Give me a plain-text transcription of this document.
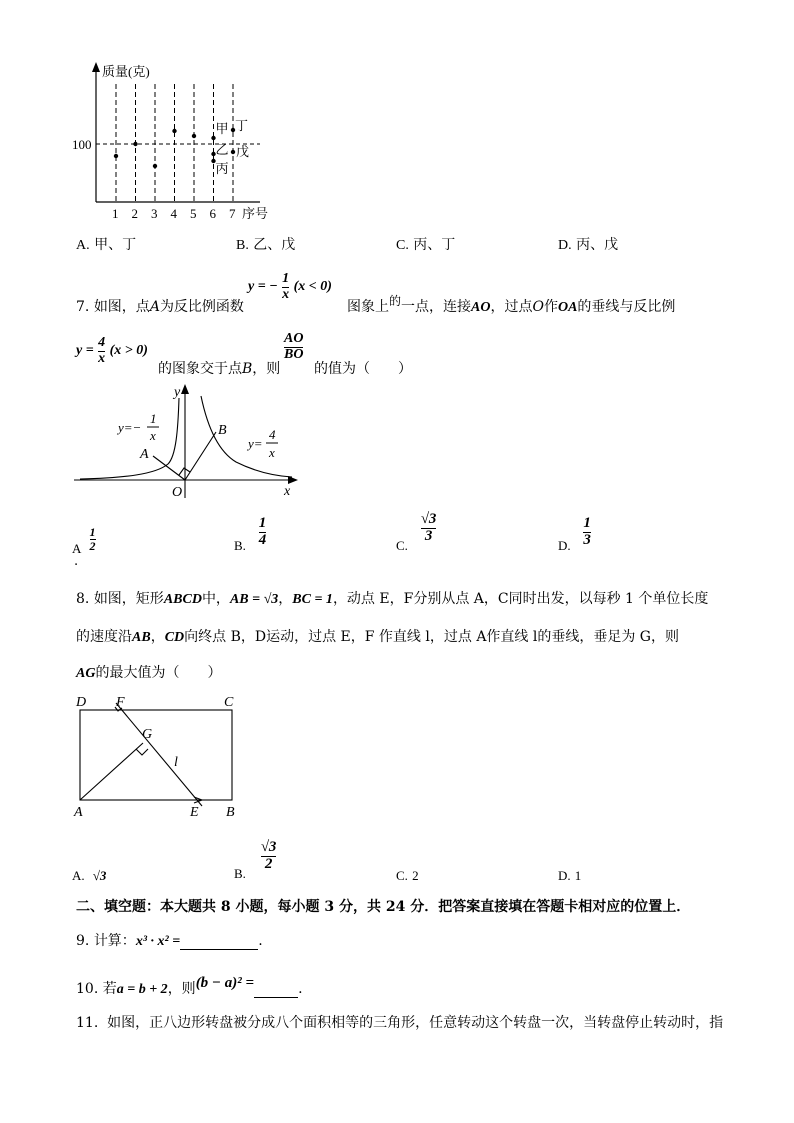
1 2 3 4 5 6 7
甲 丁
乙 戊
丙
质量(克)
100
序号
A. 甲、丁	B. 乙、戊	C. 丙、丁	D. 丙、戊
7. 如图，点A为反比例函数
y = − $\frac{1}{x} (x < 0)$
图象上的一点，连接AO，过点O作OA的垂线与反比例
$y = \frac{4}{x} (x > 0)$
的图象交于点B，则
$\frac{AO}{BO}$
的值为（　　）
y
x
O
A
B
y=−
1
x
y=
4
x
A $\frac{1}{2}$
.
B. $\frac{1}{4}$	C.
$\frac{√3}{3}$
D. $\frac{1}{3}$
8. 如图，矩形ABCD中，AB = √3，BC = 1，动点 E，F分别从点 A，C同时出发，以每秒 1 个单位长度
的速度沿AB，CD向终点 B，D运动，过点 E，F 作直线 l，过点 A作直线 l的垂线，垂足为 G，则
AG的最大值为（　　）
D F	C
G
l
A	E B
A. √3	B.
$\frac{√3}{2}$
C. 2	D. 1
二、填空题：本大题共 8 小题，每小题 3 分，共 24 分．把答案直接填在答题卡相对应的位置上．
9. 计算：x³ · x² =	.
10. 若a = b + 2，则(b − a)² =	.
11. 如图，正八边形转盘被分成八个面积相等的三角形，任意转动这个转盘一次，当转盘停止转动时，指
